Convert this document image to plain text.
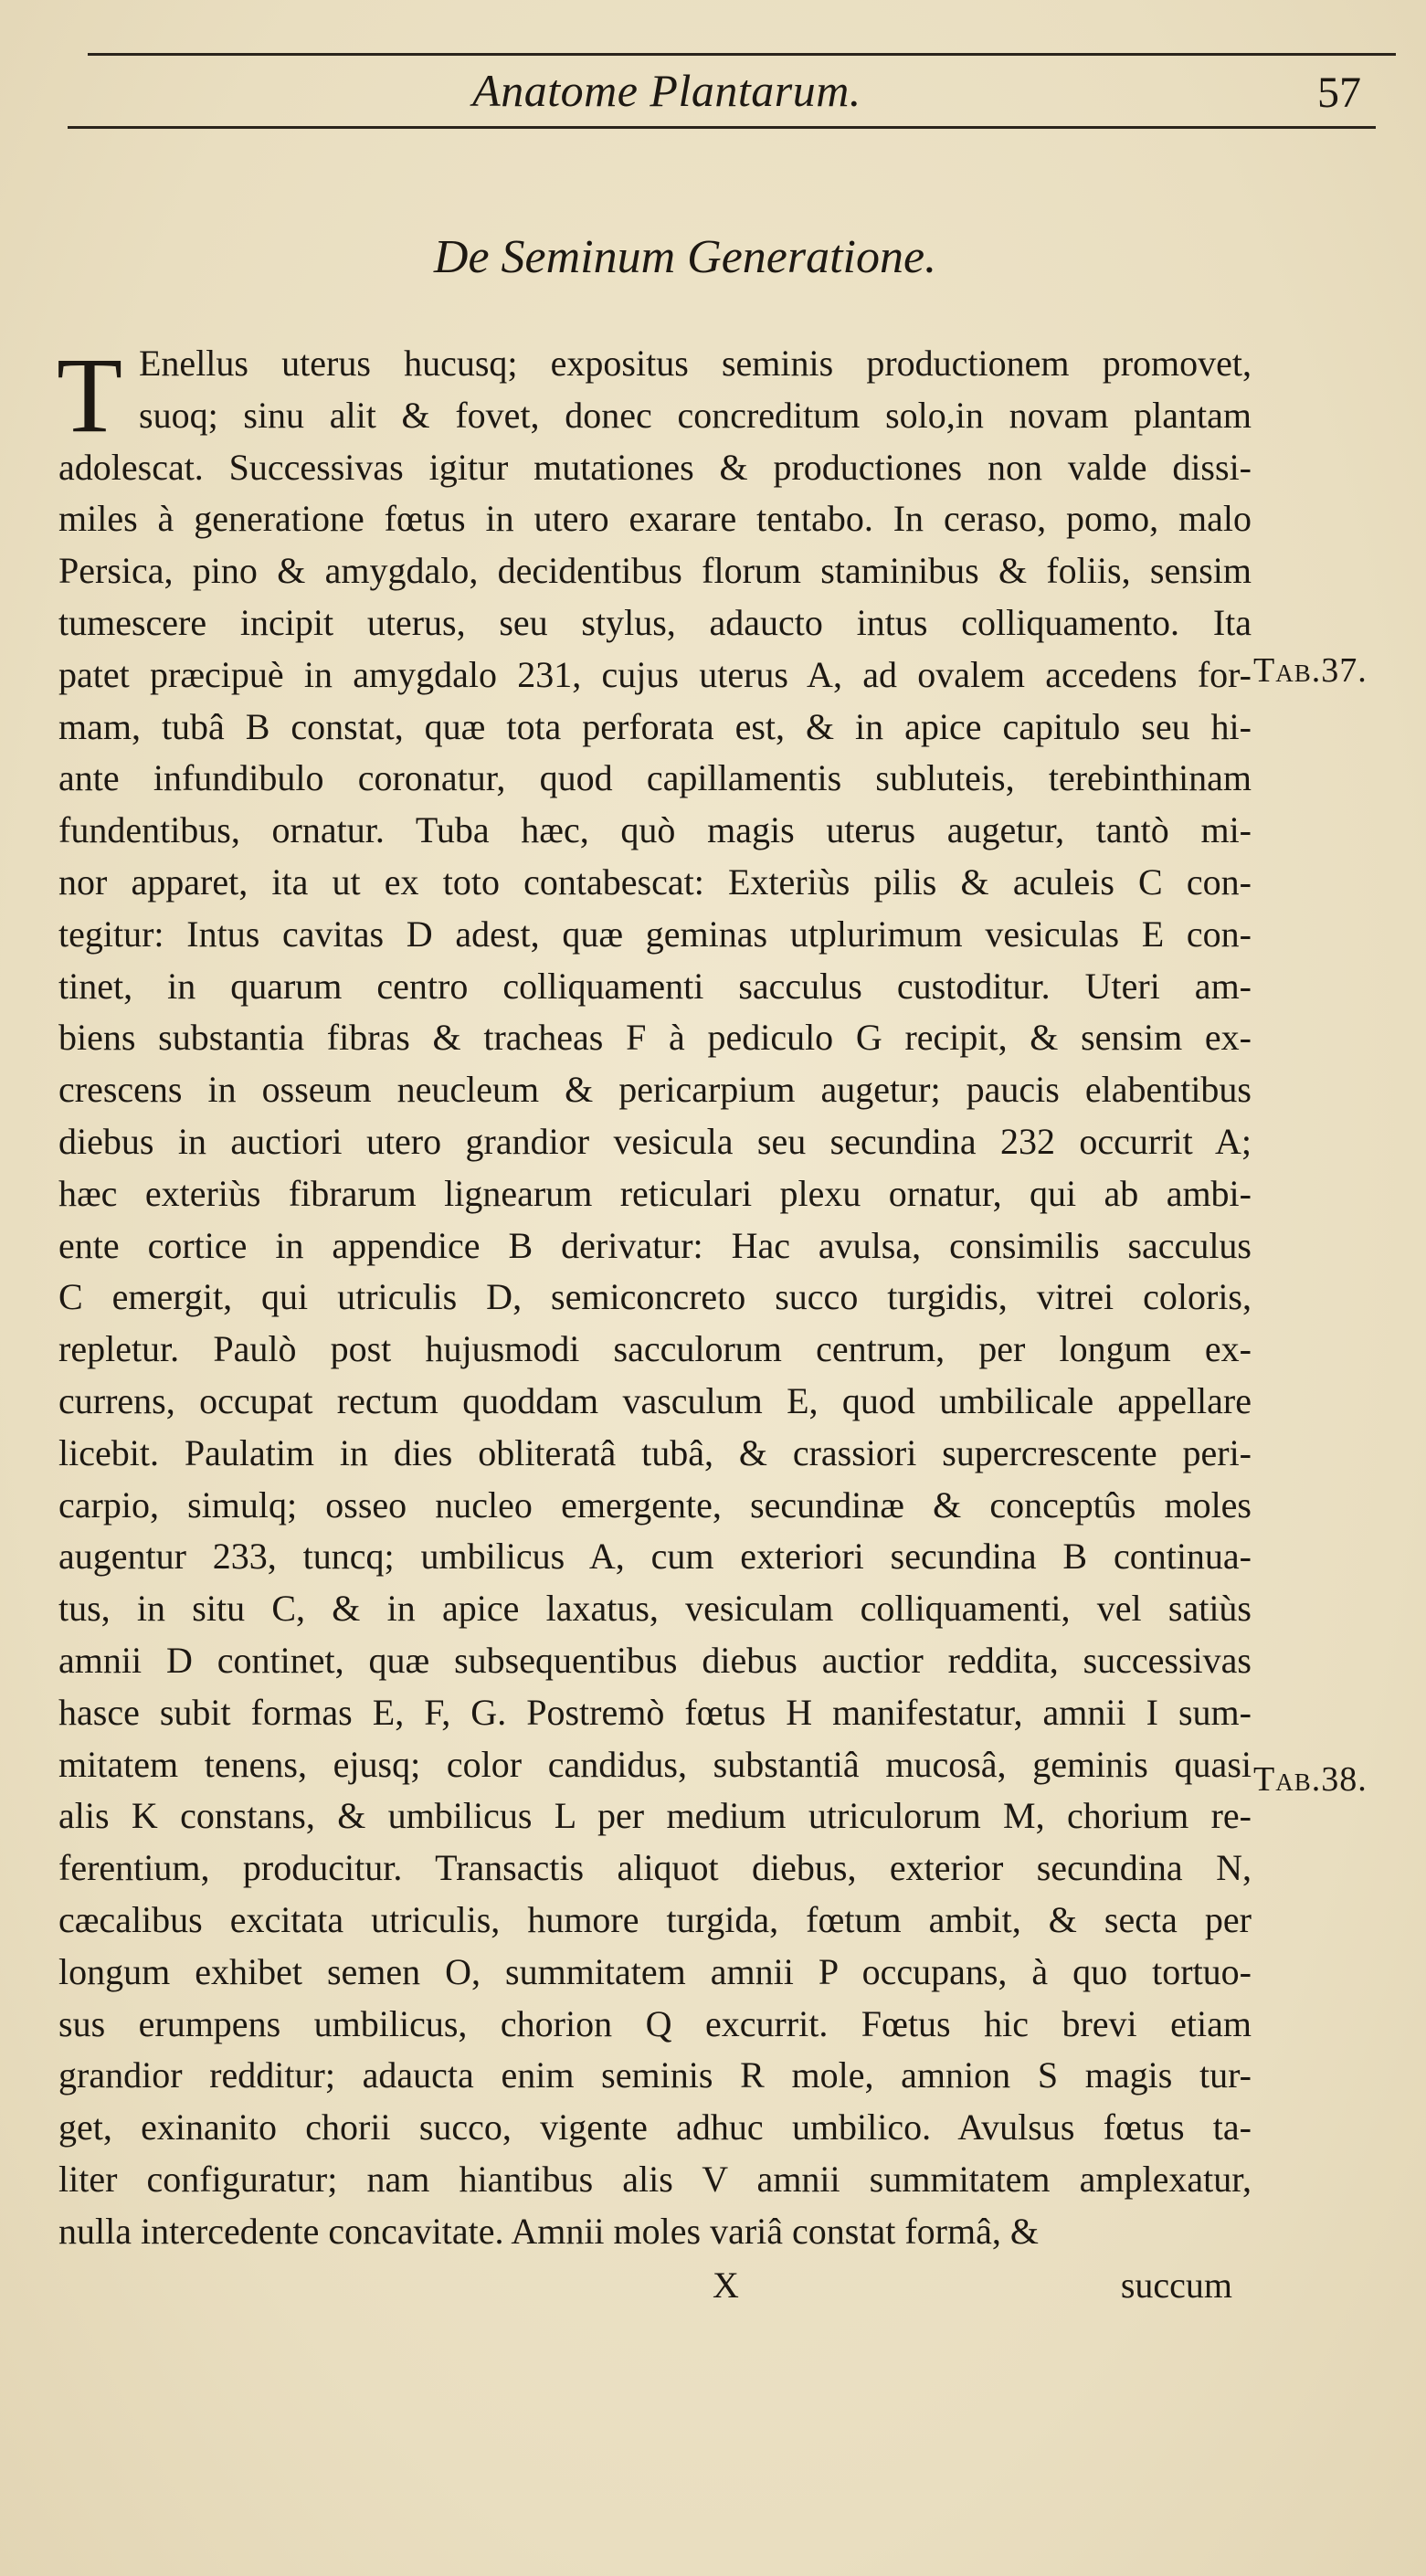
Anatome Plantarum.	57
De Seminum Generatione.
T Enellus uterus hucusq; expositus seminis productionem promovet,
suoq; sinu alit & fovet, donec concreditum solo,in novam plantam
adolescat. Successivas igitur mutationes & productiones non valde dissi-
miles à generatione fœtus in utero exarare tentabo. In ceraso, pomo, malo
Persica, pino & amygdalo, decidentibus florum staminibus & foliis, sensim
tumescere incipit uterus, seu stylus, adaucto intus colliquamento. Ita
patet præcipuè in amygdalo 231, cujus uterus A, ad ovalem accedens for-
mam, tubâ B constat, quæ tota perforata est, & in apice capitulo seu hi-
ante infundibulo coronatur, quod capillamentis subluteis, terebinthinam
fundentibus, ornatur. Tuba hæc, quò magis uterus augetur, tantò mi-
nor apparet, ita ut ex toto contabescat: Exteriùs pilis & aculeis C con-
tegitur: Intus cavitas D adest, quæ geminas utplurimum vesiculas E con-
tinet, in quarum centro colliquamenti sacculus custoditur. Uteri am-
biens substantia fibras & tracheas F à pediculo G recipit, & sensim ex-
crescens in osseum neucleum & pericarpium augetur; paucis elabentibus
diebus in auctiori utero grandior vesicula seu secundina 232 occurrit A;
hæc exteriùs fibrarum lignearum reticulari plexu ornatur, qui ab ambi-
ente cortice in appendice B derivatur: Hac avulsa, consimilis sacculus
C emergit, qui utriculis D, semiconcreto succo turgidis, vitrei coloris,
repletur. Paulò post hujusmodi sacculorum centrum, per longum ex-
currens, occupat rectum quoddam vasculum E, quod umbilicale appellare
licebit. Paulatim in dies obliteratâ tubâ, & crassiori supercrescente peri-
carpio, simulq; osseo nucleo emergente, secundinæ & conceptûs moles
augentur 233, tuncq; umbilicus A, cum exteriori secundina B continua-
tus, in situ C, & in apice laxatus, vesiculam colliquamenti, vel satiùs
amnii D continet, quæ subsequentibus diebus auctior reddita, successivas
hasce subit formas E, F, G. Postremò fœtus H manifestatur, amnii I sum-
mitatem tenens, ejusq; color candidus, substantiâ mucosâ, geminis quasi
alis K constans, & umbilicus L per medium utriculorum M, chorium re-
ferentium, producitur. Transactis aliquot diebus, exterior secundina N,
cæcalibus excitata utriculis, humore turgida, fœtum ambit, & secta per
longum exhibet semen O, summitatem amnii P occupans, à quo tortuo-
sus erumpens umbilicus, chorion Q excurrit. Fœtus hic brevi etiam
grandior redditur; adaucta enim seminis R mole, amnion S magis tur-
get, exinanito chorii succo, vigente adhuc umbilico. Avulsus fœtus ta-
liter configuratur; nam hiantibus alis V amnii summitatem amplexatur,
nulla intercedente concavitate. Amnii moles variâ constat formâ, &
Tab.37.
Tab.38.
X	succum
